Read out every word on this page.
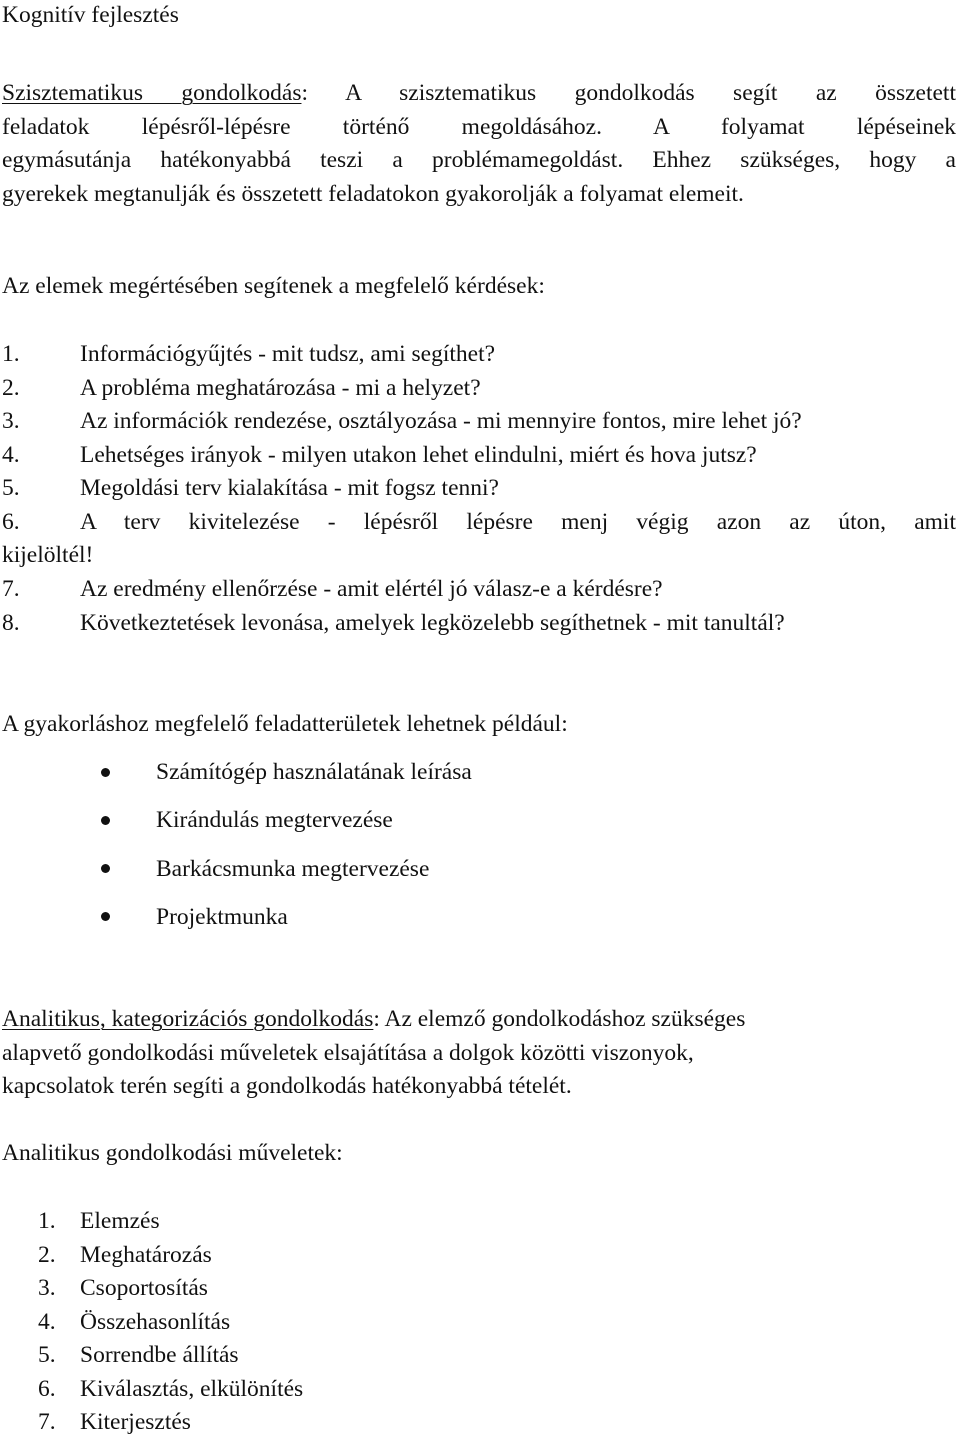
Kognitív fejlesztés
Szisztematikus gondolkodás: A szisztematikus gondolkodás segít az összetett
feladatok lépésről-lépésre történő megoldásához. A folyamat lépéseinek
egymásutánja hatékonyabbá teszi a problémamegoldást. Ehhez szükséges, hogy a
gyerekek megtanulják és összetett feladatokon gyakorolják a folyamat elemeit.
Az elemek megértésében segítenek a megfelelő kérdések:
1.	Információgyűjtés - mit tudsz, ami segíthet?
2.	A probléma meghatározása - mi a helyzet?
3.	Az információk rendezése, osztályozása - mi mennyire fontos, mire lehet jó?
4.	Lehetséges irányok - milyen utakon lehet elindulni, miért és hova jutsz?
5.	Megoldási terv kialakítása - mit fogsz tenni?
6.	A terv kivitelezése - lépésről lépésre menj végig azon az úton, amit
kijelöltél!
7.	Az eredmény ellenőrzése - amit elértél jó válasz-e a kérdésre?
8.	Következtetések levonása, amelyek legközelebb segíthetnek - mit tanultál?
A gyakorláshoz megfelelő feladatterületek lehetnek például:
Számítógép használatának leírása
Kirándulás megtervezése
Barkácsmunka megtervezése
Projektmunka
Analitikus, kategorizációs gondolkodás: Az elemző gondolkodáshoz szükséges
alapvető gondolkodási műveletek elsajátítása a dolgok közötti viszonyok,
kapcsolatok terén segíti a gondolkodás hatékonyabbá tételét.
Analitikus gondolkodási műveletek:
1. Elemzés
2. Meghatározás
3. Csoportosítás
4. Összehasonlítás
5. Sorrendbe állítás
6. Kiválasztás, elkülönítés
7. Kiterjesztés
